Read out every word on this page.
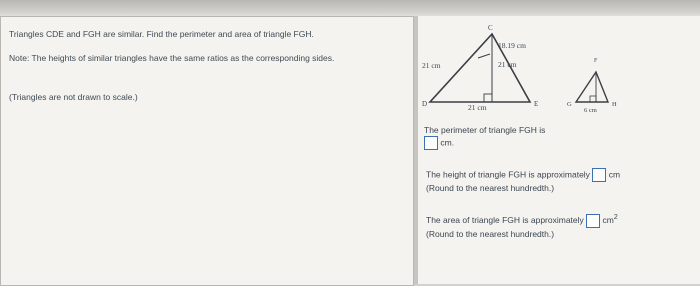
Triangles CDE and FGH are similar. Find the perimeter and area of triangle FGH.
Note: The heights of similar triangles have the same ratios as the corresponding sides.
(Triangles are not drawn to scale.)
C
D	E
21 cm
18.19 cm
21 cm
21 cm
F
G	H
6 cm
The perimeter of triangle FGH is
cm.
The height of triangle FGH is approximately cm
(Round to the nearest hundredth.)
The area of triangle FGH is approximately $cm^2$
(Round to the nearest hundredth.)
